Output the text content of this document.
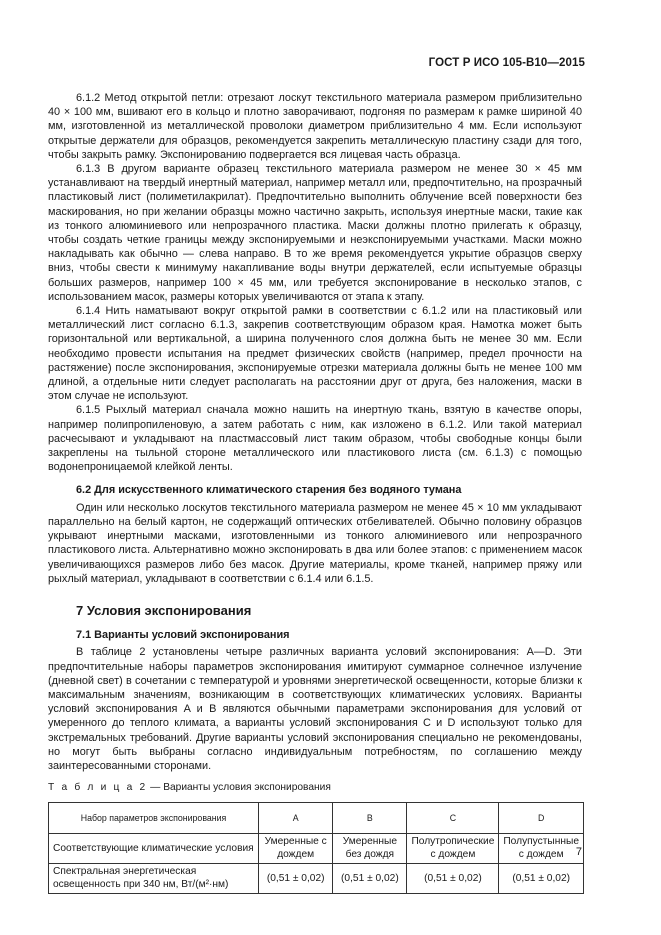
ГОСТ Р ИСО 105-В10—2015

6.1.2 Метод открытой петли: отрезают лоскут текстильного материала размером приблизительно 40 × 100 мм, вшивают его в кольцо и плотно заворачивают, подгоняя по размерам к рамке шириной 40 мм, изготовленной из металлической проволоки диаметром приблизительно 4 мм. Если используют открытые держатели для образцов, рекомендуется закрепить металлическую пластину сзади для того, чтобы закрыть рамку. Экспонированию подвергается вся лицевая часть образца.

6.1.3 В другом варианте образец текстильного материала размером не менее 30 × 45 мм устанавливают на твердый инертный материал, например металл или, предпочтительно, на прозрачный пластиковый лист (полиметилакрилат). Предпочтительно выполнить облучение всей поверхности без маскирования, но при желании образцы можно частично закрыть, используя инертные маски, такие как из тонкого алюминиевого или непрозрачного пластика. Маски должны плотно прилегать к образцу, чтобы создать четкие границы между экспонируемыми и неэкспонируемыми участками. Маски можно накладывать как обычно — слева направо. В то же время рекомендуется укрытие образцов сверху вниз, чтобы свести к минимуму накапливание воды внутри держателей, если испытуемые образцы больших размеров, например 100 × 45 мм, или требуется экспонирование в несколько этапов, с использованием масок, размеры которых увеличиваются от этапа к этапу.

6.1.4 Нить наматывают вокруг открытой рамки в соответствии с 6.1.2 или на пластиковый или металлический лист согласно 6.1.3, закрепив соответствующим образом края. Намотка может быть горизонтальной или вертикальной, а ширина полученного слоя должна быть не менее 30 мм. Если необходимо провести испытания на предмет физических свойств (например, предел прочности на растяжение) после экспонирования, экспонируемые отрезки материала должны быть не менее 100 мм длиной, а отдельные нити следует располагать на расстоянии друг от друга, без наложения, маски в этом случае не используют.

6.1.5 Рыхлый материал сначала можно нашить на инертную ткань, взятую в качестве опоры, например полипропиленовую, а затем работать с ним, как изложено в 6.1.2. Или такой материал расчесывают и укладывают на пластмассовый лист таким образом, чтобы свободные концы были закреплены на тыльной стороне металлического или пластикового листа (см. 6.1.3) с помощью водонепроницаемой клейкой ленты.

6.2 Для искусственного климатического старения без водяного тумана

Один или несколько лоскутов текстильного материала размером не менее 45 × 10 мм укладывают параллельно на белый картон, не содержащий оптических отбеливателей. Обычно половину образцов укрывают инертными масками, изготовленными из тонкого алюминиевого или непрозрачного пластикового листа. Альтернативно можно экспонировать в два или более этапов: с применением масок увеличивающихся размеров либо без масок. Другие материалы, кроме тканей, например пряжу или рыхлый материал, укладывают в соответствии с 6.1.4 или 6.1.5.

7 Условия экспонирования
7.1 Варианты условий экспонирования

В таблице 2 установлены четыре различных варианта условий экспонирования: A—D. Эти предпочтительные наборы параметров экспонирования имитируют суммарное солнечное излучение (дневной свет) в сочетании с температурой и уровнями энергетической освещенности, которые близки к максимальным значениям, возникающим в соответствующих климатических условиях. Варианты условий экспонирования A и B являются обычными параметрами экспонирования для условий от умеренного до теплого климата, а варианты условий экспонирования C и D используют только для экстремальных требований. Другие варианты условий экспонирования специально не рекомендованы, но могут быть выбраны согласно индивидуальным потребностям, по соглашению между заинтересованными сторонами.

Т а б л и ц а 2 — Варианты условия экспонирования
Набор параметров экспонирования	A	B	C	D
Соответствующие климатические условия	Умеренные с дождем	Умеренные без дождя	Полутропические с дождем	Полупустынные с дождем
Спектральная энергетическая освещенность при 340 нм, Вт/(м²·нм)	(0,51 ± 0,02)	(0,51 ± 0,02)	(0,51 ± 0,02)	(0,51 ± 0,02)
7
